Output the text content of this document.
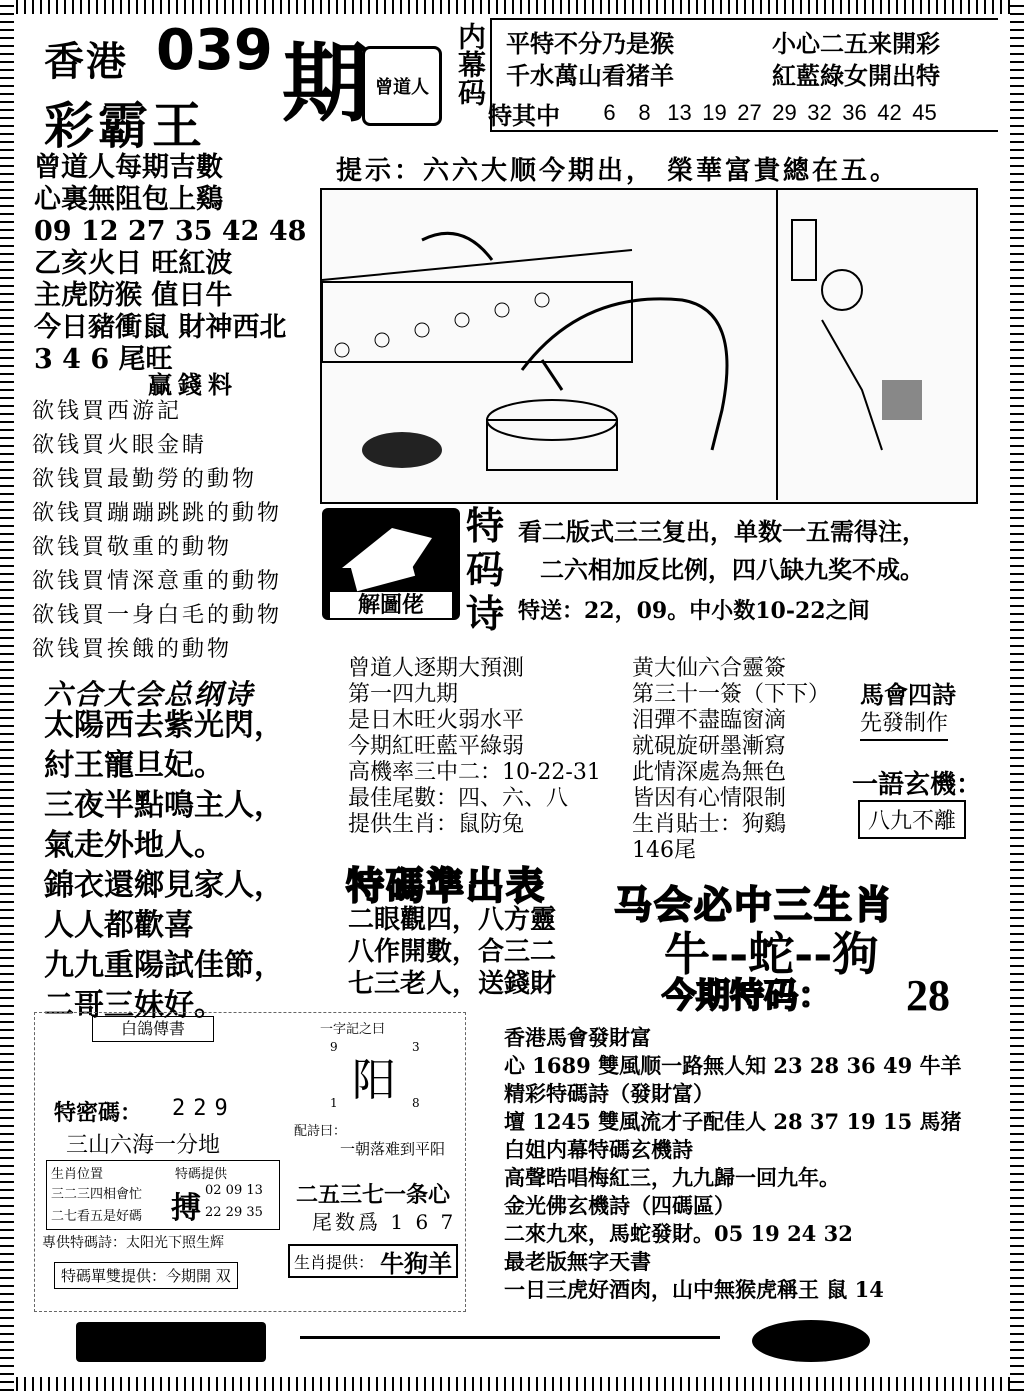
香港 039 期
彩霸王
曾道人 内幕码 平特不分乃是猴	小心二五来開彩
千水萬山看猪羊	紅藍綠女開出特
特其中	6	8 13 19 27 29 32 36 42 45
提示：六六大顺今期出， 榮華富貴總在五。
曾道人每期吉數
心裏無阻包上鷄
09 12 27 35 42 48
乙亥火日 旺紅波
主虎防猴 值日牛
今日豬衝鼠 財神西北
3 4 6 尾旺
贏錢料
欲钱買西游記
欲钱買火眼金睛
欲钱買最勤勞的動物
欲钱買蹦蹦跳跳的動物
欲钱買敬重的動物
欲钱買情深意重的動物
欲钱買一身白毛的動物
欲钱買挨餓的動物
解圖佬
特
码
诗
看二版式三三复出，单数一五需得注，
二六相加反比例，四八缺九奖不成。
特送：22，09。中小数10-22之间
六合大会总纲诗
太陽西去紫光閃，
紂王寵旦妃。
三夜半點鳴主人，
氣走外地人。
錦衣還鄉見家人，
人人都歡喜
九九重陽試佳節，
二哥三妹好。
曾道人逐期大預測
第一四九期
是日木旺火弱水平
今期紅旺藍平綠弱
高機率三中二：10-22-31
最佳尾數：四、六、八
提供生肖：鼠防兔
黄大仙六合靈簽
第三十一簽（下下）
泪彈不盡臨窗滴
就硯旋研墨漸寫
此情深處為無色
皆因有心情限制
生肖貼士：狗鷄
146尾
馬會四詩
先發制作
一語玄機：
八九不離
特碼準出表
二眼觀四，八方靈
八作開數，合三二
七三老人，送錢財
马会必中三生肖
牛--蛇--狗
今期特码： 28
白鴿傳書
特密碼： 229
三山六海一分地
生肖位置
三二三四相會忙
二七看五是好碼
特碼提供
搏
02 09 13
22 29 35
專供特碼詩：太阳光下照生辉
特碼單雙提供：今期開 双
一字記之曰
9	3
1	8
阳
配詩曰：
一朝落难到平阳
二五三七一条心
尾数爲 1 6 7
生肖提供： 牛狗羊
香港馬會發財富
心 1689 雙風顺一路無人知 23 28 36 49 牛羊
精彩特碼詩（發財富）
壇 1245 雙風流才子配佳人 28 37 19 15 馬猪
白姐内幕特碼玄機詩
高聲晧唱梅紅三，九九歸一回九年。
金光佛玄機詩（四碼區）
二來九來，馬蛇發財。05 19 24 32
最老版無字天書
一日三虎好酒肉，山中無猴虎稱王 鼠 14
